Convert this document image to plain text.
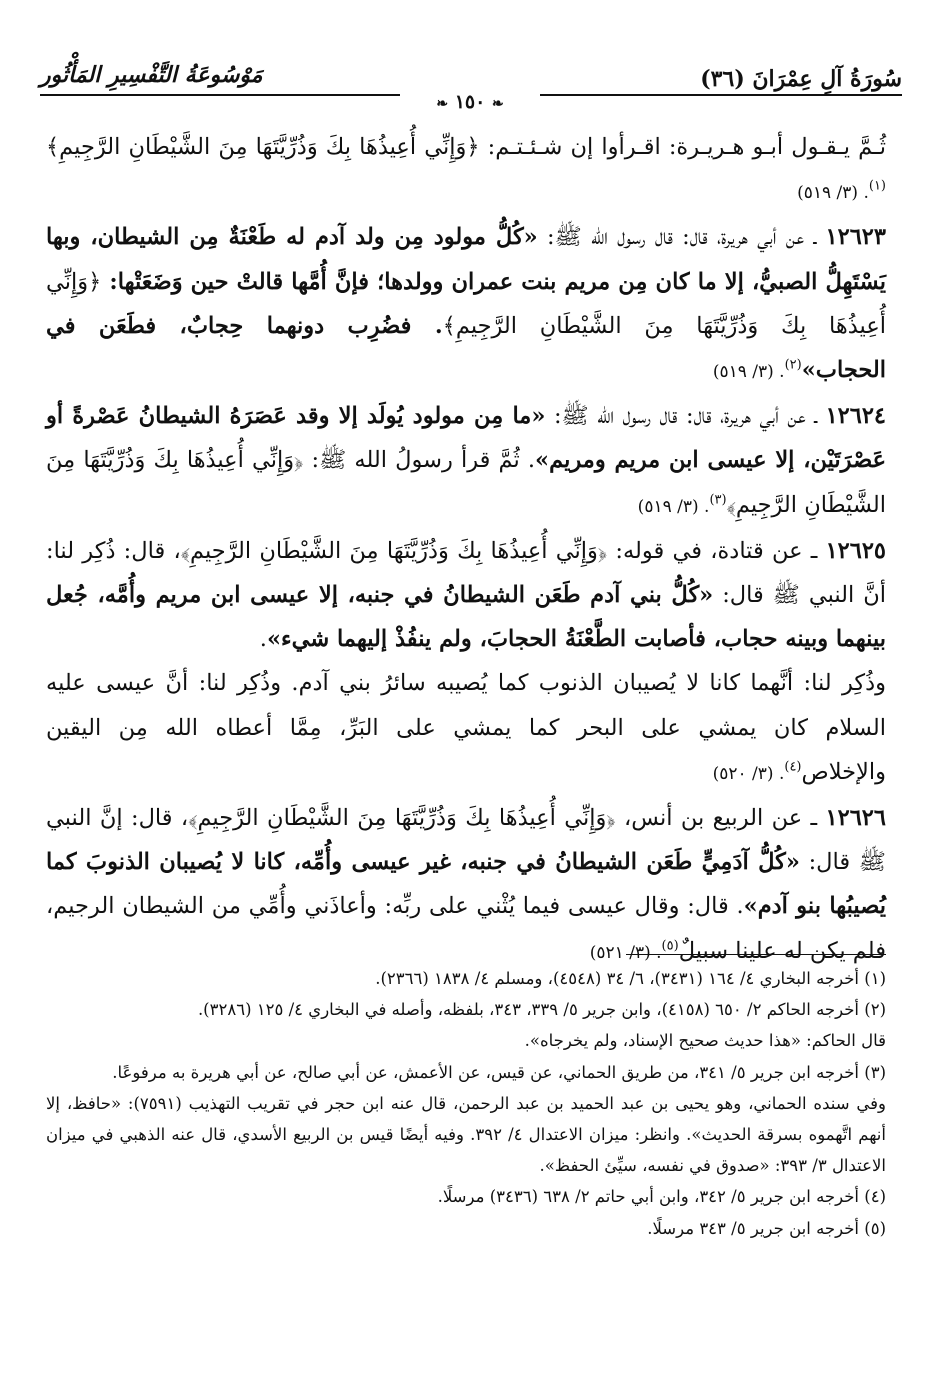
سُورَةُ آلِ عِمْرَانَ (٣٦)
مَوْسُوعَةُ التَّفْسِيرِ المَأْثُور
❧ ١٥٠ ❧

ثُـمَّ يـقـول أبـو هـريـرة: اقـرأوا إن شـئـتـم: ﴿وَإِنِّي أُعِيذُهَا بِكَ وَذُرِّيَّتَهَا مِنَ الشَّيْطَانِ الرَّجِيمِ﴾$^{(١)}$. (٣/ ٥١٩)

١٢٦٢٣ ـ عن أبي هريرة، قال: قال رسول الله ﷺ: «كُلُّ مولود مِن ولد آدم له طَعْنَةٌ مِن الشيطان، وبها يَسْتَهِلُّ الصبيُّ، إلا ما كان مِن مريم بنت عمران وولدها؛ فإنَّ أُمَّها قالتْ حين وَضَعَتْها: ﴿وَإِنِّي أُعِيذُهَا بِكَ وَذُرِّيَّتَهَا مِنَ الشَّيْطَانِ الرَّجِيمِ﴾. فضُرِب دونهما حِجابٌ، فطَعَن في الحجاب»$^{(٢)}$. (٣/ ٥١٩)

١٢٦٢٤ ـ عن أبي هريرة، قال: قال رسول الله ﷺ: «ما مِن مولود يُولَد إلا وقد عَصَرَهُ الشيطانُ عَصْرةً أو عَصْرَتَيْن، إلا عيسى ابن مريم ومريم». ثُمَّ قرأ رسولُ الله ﷺ: ﴿وَإِنِّي أُعِيذُهَا بِكَ وَذُرِّيَّتَهَا مِنَ الشَّيْطَانِ الرَّجِيمِ﴾$^{(٣)}$. (٣/ ٥١٩)

١٢٦٢٥ ـ عن قتادة، في قوله: ﴿وَإِنِّي أُعِيذُهَا بِكَ وَذُرِّيَّتَهَا مِنَ الشَّيْطَانِ الرَّجِيمِ﴾، قال: ذُكِر لنا: أنَّ النبي ﷺ قال: «كُلُّ بني آدم طَعَن الشيطانُ في جنبه، إلا عيسى ابن مريم وأُمَّه، جُعل بينهما وبينه حجاب، فأصابت الطَّعْنَةُ الحجابَ، ولم ينفُذْ إليهما شيء».

وذُكِر لنا: أنَّهما كانا لا يُصيبان الذنوب كما يُصيبه سائرُ بني آدم. وذُكِر لنا: أنَّ عيسى عليه السلام كان يمشي على البحر كما يمشي على البَرِّ، مِمَّا أعطاه الله مِن اليقين والإخلاص$^{(٤)}$. (٣/ ٥٢٠)

١٢٦٢٦ ـ عن الربيع بن أنس، ﴿وَإِنِّي أُعِيذُهَا بِكَ وَذُرِّيَّتَهَا مِنَ الشَّيْطَانِ الرَّجِيمِ﴾، قال: إنَّ النبي ﷺ قال: «كُلُّ آدَمِيٍّ طَعَن الشيطانُ في جنبه، غير عيسى وأُمِّه، كانا لا يُصيبان الذنوبَ كما يُصيبُها بنو آدم». قال: وقال عيسى فيما يُثْني على ربِّه: وأعاذَني وأُمِّي من الشيطان الرجيم، فلم يكن له علينا سبيلٌ$^{(٥)}$. (٣/ ٥٢١)

(١) أخرجه البخاري ٤/ ١٦٤ (٣٤٣١)، ٦/ ٣٤ (٤٥٤٨)، ومسلم ٤/ ١٨٣٨ (٢٣٦٦).

(٢) أخرجه الحاكم ٢/ ٦٥٠ (٤١٥٨)، وابن جرير ٥/ ٣٣٩، ٣٤٣، بلفظه، وأصله في البخاري ٤/ ١٢٥ (٣٢٨٦).

قال الحاكم: «هذا حديث صحيح الإسناد، ولم يخرجاه».

(٣) أخرجه ابن جرير ٥/ ٣٤١، من طريق الحماني، عن قيس، عن الأعمش، عن أبي صالح، عن أبي هريرة به مرفوعًا.

وفي سنده الحماني، وهو يحيى بن عبد الحميد بن عبد الرحمن، قال عنه ابن حجر في تقريب التهذيب (٧٥٩١): «حافظ، إلا أنهم اتَّهموه بسرقة الحديث». وانظر: ميزان الاعتدال ٤/ ٣٩٢. وفيه أيضًا قيس بن الربيع الأسدي، قال عنه الذهبي في ميزان الاعتدال ٣/ ٣٩٣: «صدوق في نفسه، سيِّئ الحفظ».

(٤) أخرجه ابن جرير ٥/ ٣٤٢، وابن أبي حاتم ٢/ ٦٣٨ (٣٤٣٦) مرسلًا.

(٥) أخرجه ابن جرير ٥/ ٣٤٣ مرسلًا.
